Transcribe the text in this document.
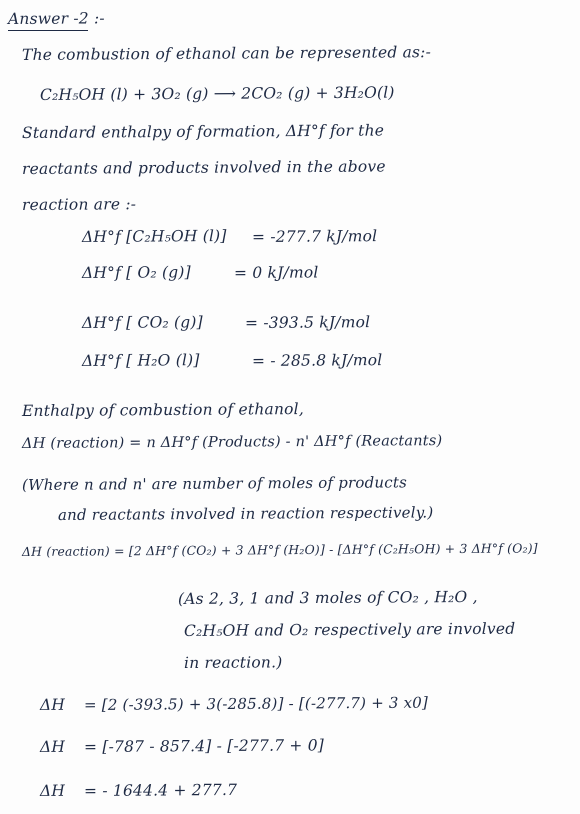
Answer -2 :-
The combustion of ethanol can be represented as:-
C₂H₅OH (l) + 3O₂ (g) ⟶ 2CO₂ (g) + 3H₂O(l)
Standard enthalpy of formation, ΔH°f for the
reactants and products involved in the above
reaction are :-
ΔH°f [C₂H₅OH (l)] = -277.7 kJ/mol
ΔH°f [ O₂ (g)]	= 0 kJ/mol
ΔH°f [ CO₂ (g)]	= -393.5 kJ/mol
ΔH°f [ H₂O (l)]	= - 285.8 kJ/mol
Enthalpy of combustion of ethanol,
ΔH (reaction) = n ΔH°f (Products) - n' ΔH°f (Reactants)
(Where n and n' are number of moles of products
and reactants involved in reaction respectively.)
ΔH (reaction) = [2 ΔH°f (CO₂) + 3 ΔH°f (H₂O)] - [ΔH°f (C₂H₅OH) + 3 ΔH°f (O₂)]
(As 2, 3, 1 and 3 moles of CO₂ , H₂O ,
C₂H₅OH and O₂ respectively are involved
in reaction.)
ΔH = [2 (-393.5) + 3(-285.8)] - [(-277.7) + 3 x0]
ΔH = [-787 - 857.4] - [-277.7 + 0]
ΔH = - 1644.4 + 277.7
